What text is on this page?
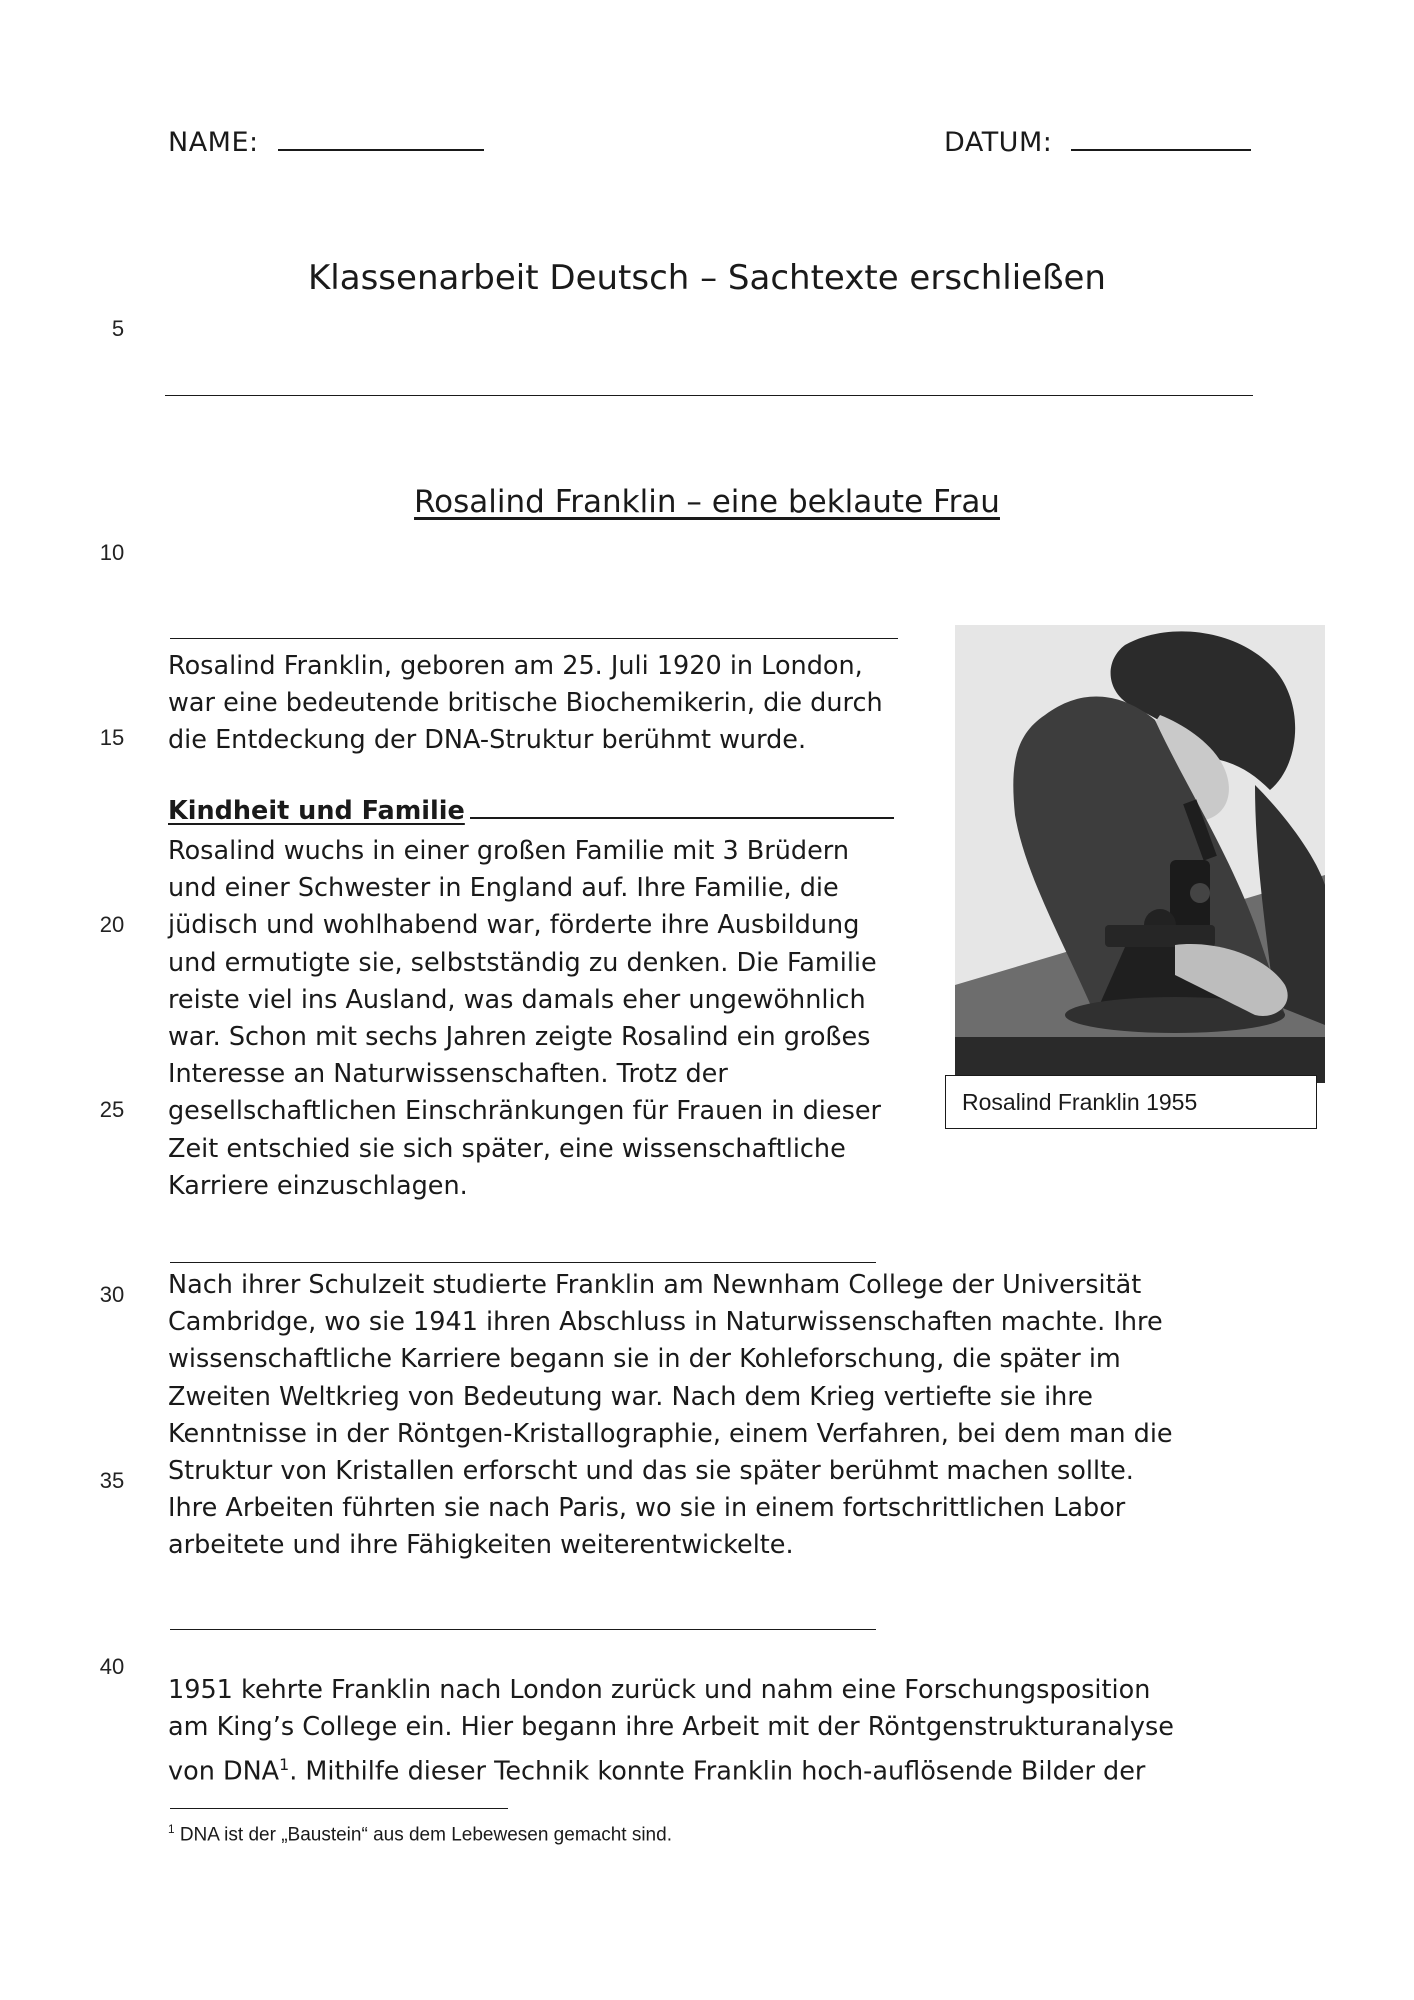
NAME:	DATUM:
Klassenarbeit Deutsch – Sachtexte erschließen
Rosalind Franklin – eine beklaute Frau
5
10
15
20
25
30
35
40
Rosalind Franklin, geboren am 25. Juli 1920 in London,
war eine bedeutende britische Biochemikerin, die durch
die Entdeckung der DNA-Struktur berühmt wurde.
Kindheit und Familie
Rosalind wuchs in einer großen Familie mit 3 Brüdern
und einer Schwester in England auf. Ihre Familie, die
jüdisch und wohlhabend war, förderte ihre Ausbildung
und ermutigte sie, selbstständig zu denken. Die Familie
reiste viel ins Ausland, was damals eher ungewöhnlich
war. Schon mit sechs Jahren zeigte Rosalind ein großes
Interesse an Naturwissenschaften. Trotz der
gesellschaftlichen Einschränkungen für Frauen in dieser
Zeit entschied sie sich später, eine wissenschaftliche
Karriere einzuschlagen.
Rosalind Franklin 1955
Nach ihrer Schulzeit studierte Franklin am Newnham College der Universität
Cambridge, wo sie 1941 ihren Abschluss in Naturwissenschaften machte. Ihre
wissenschaftliche Karriere begann sie in der Kohleforschung, die später im
Zweiten Weltkrieg von Bedeutung war. Nach dem Krieg vertiefte sie ihre
Kenntnisse in der Röntgen-Kristallographie, einem Verfahren, bei dem man die
Struktur von Kristallen erforscht und das sie später berühmt machen sollte.
Ihre Arbeiten führten sie nach Paris, wo sie in einem fortschrittlichen Labor
arbeitete und ihre Fähigkeiten weiterentwickelte.
1951 kehrte Franklin nach London zurück und nahm eine Forschungsposition
am King’s College ein. Hier begann ihre Arbeit mit der Röntgenstrukturanalyse
von DNA$^1$. Mithilfe dieser Technik konnte Franklin hoch-auflösende Bilder der
$^1$ DNA ist der „Baustein“ aus dem Lebewesen gemacht sind.
